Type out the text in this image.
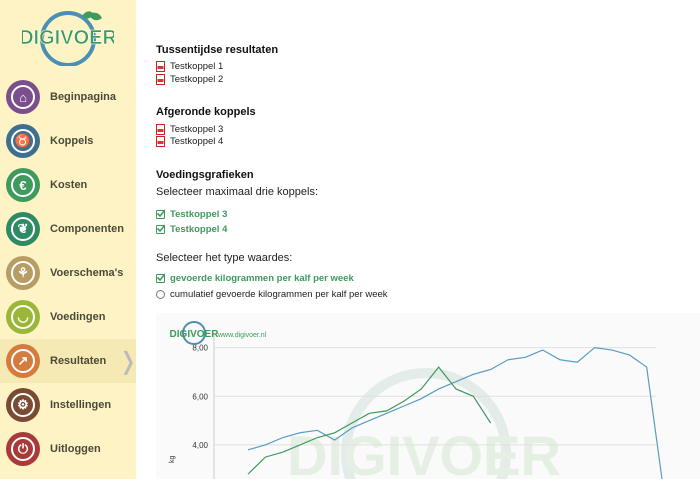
DIGIVOER
⌂	Beginpagina
♉	Koppels
€	Kosten
❦	Componenten
⚘	Voerschema's
◡	Voedingen
↗	Resultaten ❭
⚙	Instellingen
⏻	Uitloggen
Tussentijdse resultaten
Testkoppel 1
Testkoppel 2
Afgeronde koppels
Testkoppel 3
Testkoppel 4
Voedingsgrafieken
Selecteer maximaal drie koppels:
Testkoppel 3
Testkoppel 4
Selecteer het type waardes:
gevoerde kilogrammen per kalf per week
cumulatief gevoerde kilogrammen per kalf per week
DIGIVOER
8,00
6,00
4,00
kg
DIGIVOER www.digivoer.nl
